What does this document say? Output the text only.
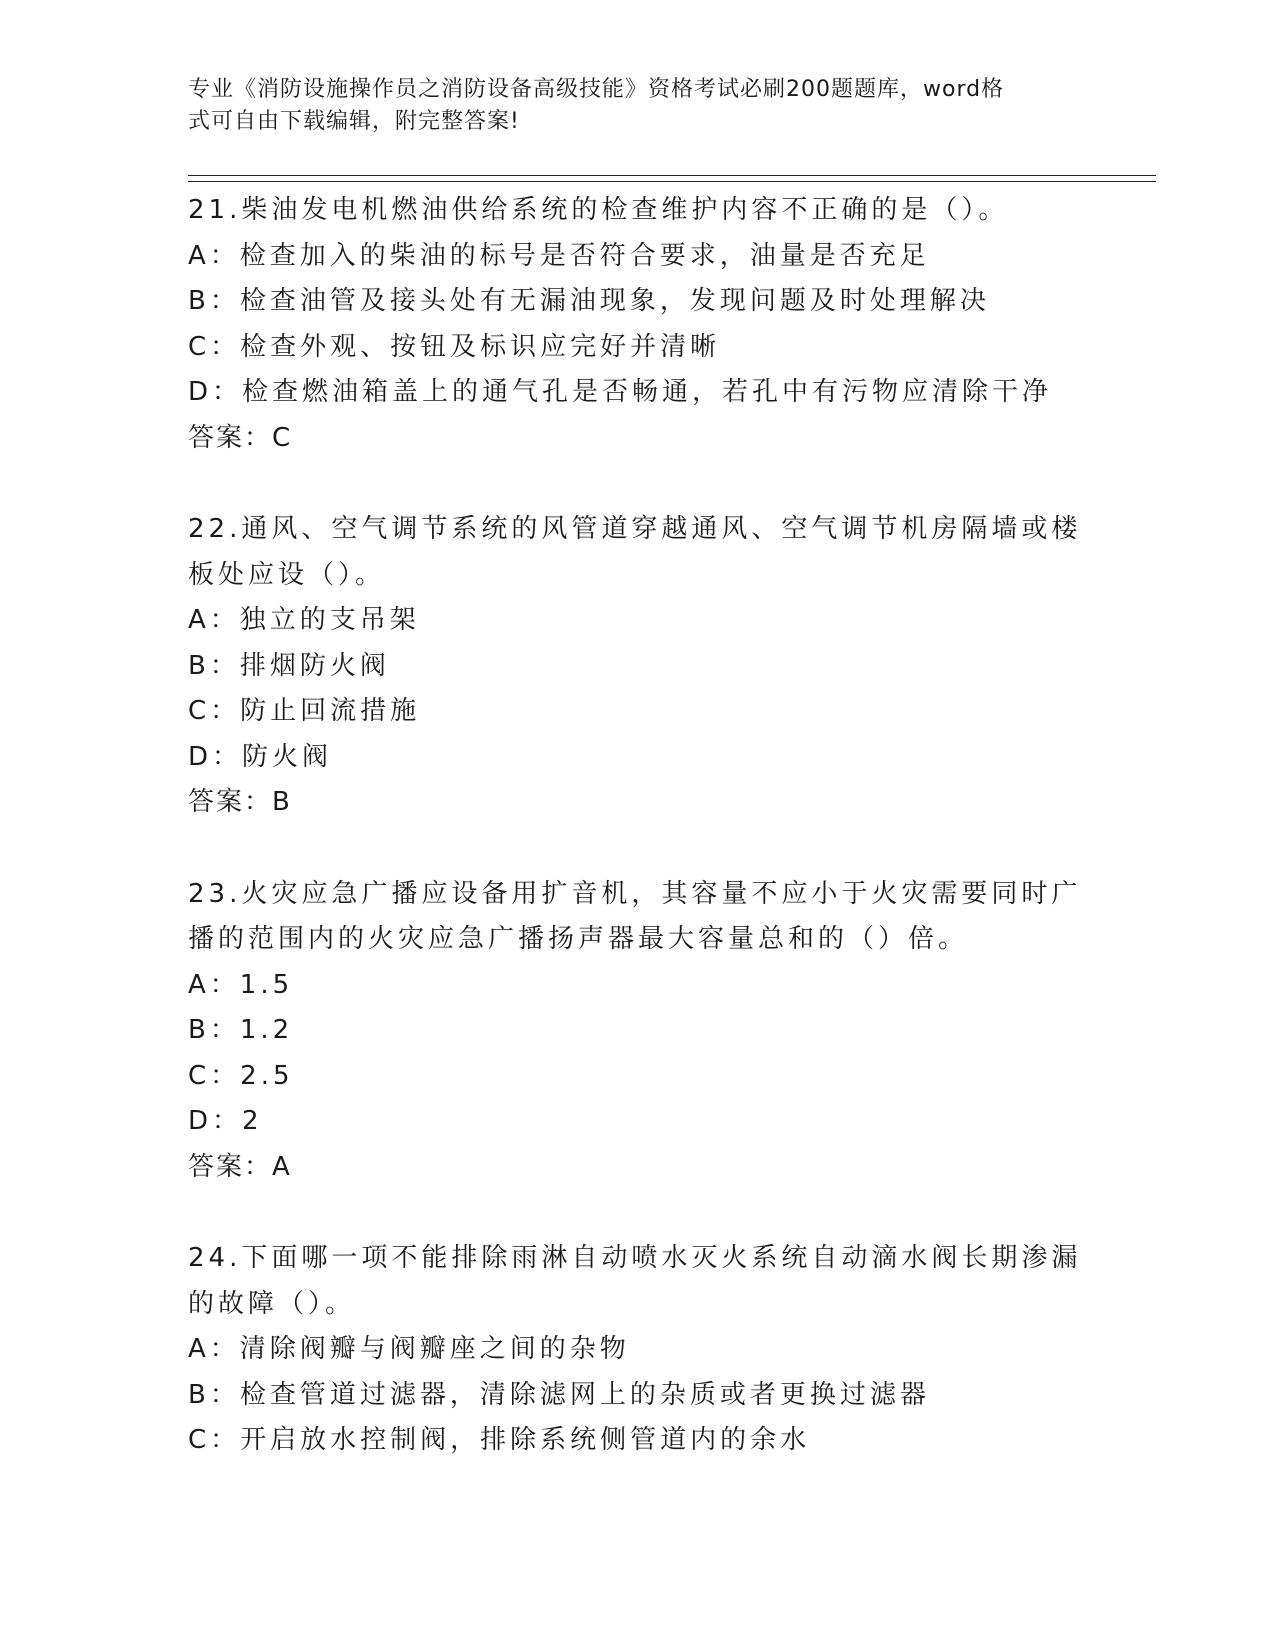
专业《消防设施操作员之消防设备高级技能》资格考试必刷200题题库，word格
式可自由下载编辑，附完整答案!

21.柴油发电机燃油供给系统的检查维护内容不正确的是（）。

A：检查加入的柴油的标号是否符合要求，油量是否充足

B：检查油管及接头处有无漏油现象，发现问题及时处理解决

C：检查外观、按钮及标识应完好并清晰

D：检查燃油箱盖上的通气孔是否畅通，若孔中有污物应清除干净

答案：C

22.通风、空气调节系统的风管道穿越通风、空气调节机房隔墙或楼板处应设（）。

A：独立的支吊架

B：排烟防火阀

C：防止回流措施

D：防火阀

答案：B

23.火灾应急广播应设备用扩音机，其容量不应小于火灾需要同时广播的范围内的火灾应急广播扬声器最大容量总和的（）倍。

A：1.5

B：1.2

C：2.5

D：2

答案：A

24.下面哪一项不能排除雨淋自动喷水灭火系统自动滴水阀长期渗漏的故障（）。

A：清除阀瓣与阀瓣座之间的杂物

B：检查管道过滤器，清除滤网上的杂质或者更换过滤器

C：开启放水控制阀，排除系统侧管道内的余水
